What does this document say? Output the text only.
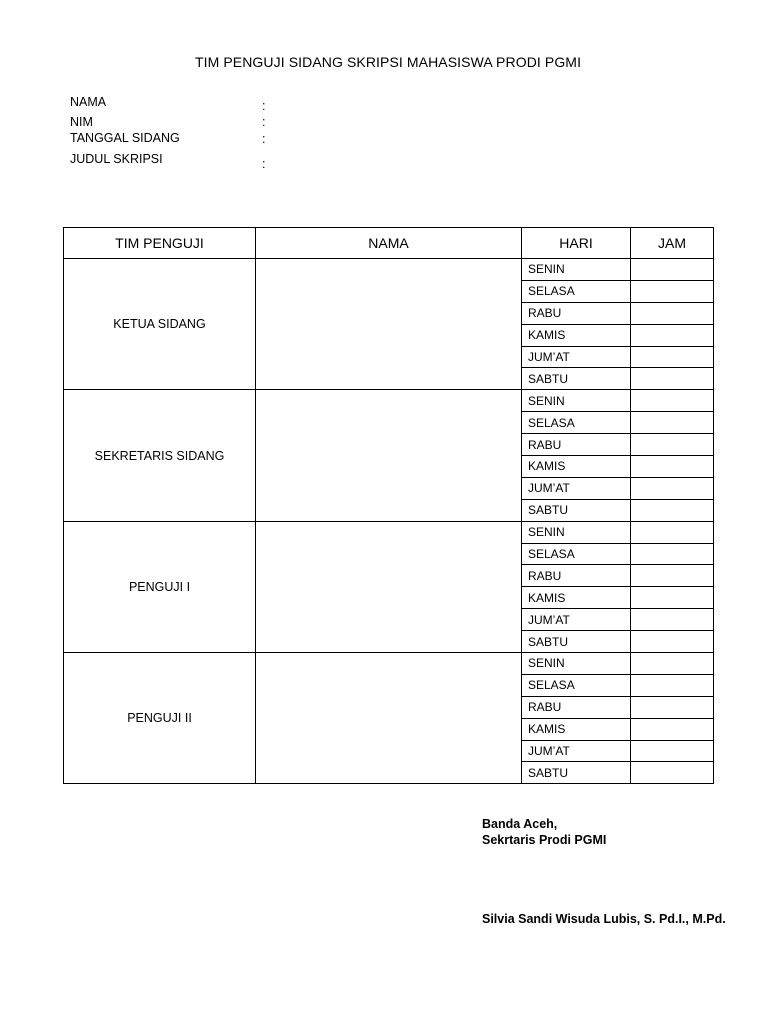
TIM PENGUJI SIDANG SKRIPSI MAHASISWA PRODI PGMI
NAMA	:
NIM	:
TANGGAL SIDANG	:
JUDUL SKRIPSI	:
TIM PENGUJI	NAMA	HARI	JAM
KETUA SIDANG		SENIN	
		SELASA	
		RABU	
		KAMIS	
		JUM’AT	
		SABTU	
SEKRETARIS SIDANG		SENIN	
		SELASA	
		RABU	
		KAMIS	
		JUM’AT	
		SABTU	
PENGUJI I		SENIN	
		SELASA	
		RABU	
		KAMIS	
		JUM’AT	
		SABTU	
PENGUJI II		SENIN	
		SELASA	
		RABU	
		KAMIS	
		JUM’AT	
		SABTU	
Banda Aceh,
Sekrtaris Prodi PGMI
Silvia Sandi Wisuda Lubis, S. Pd.I., M.Pd.
